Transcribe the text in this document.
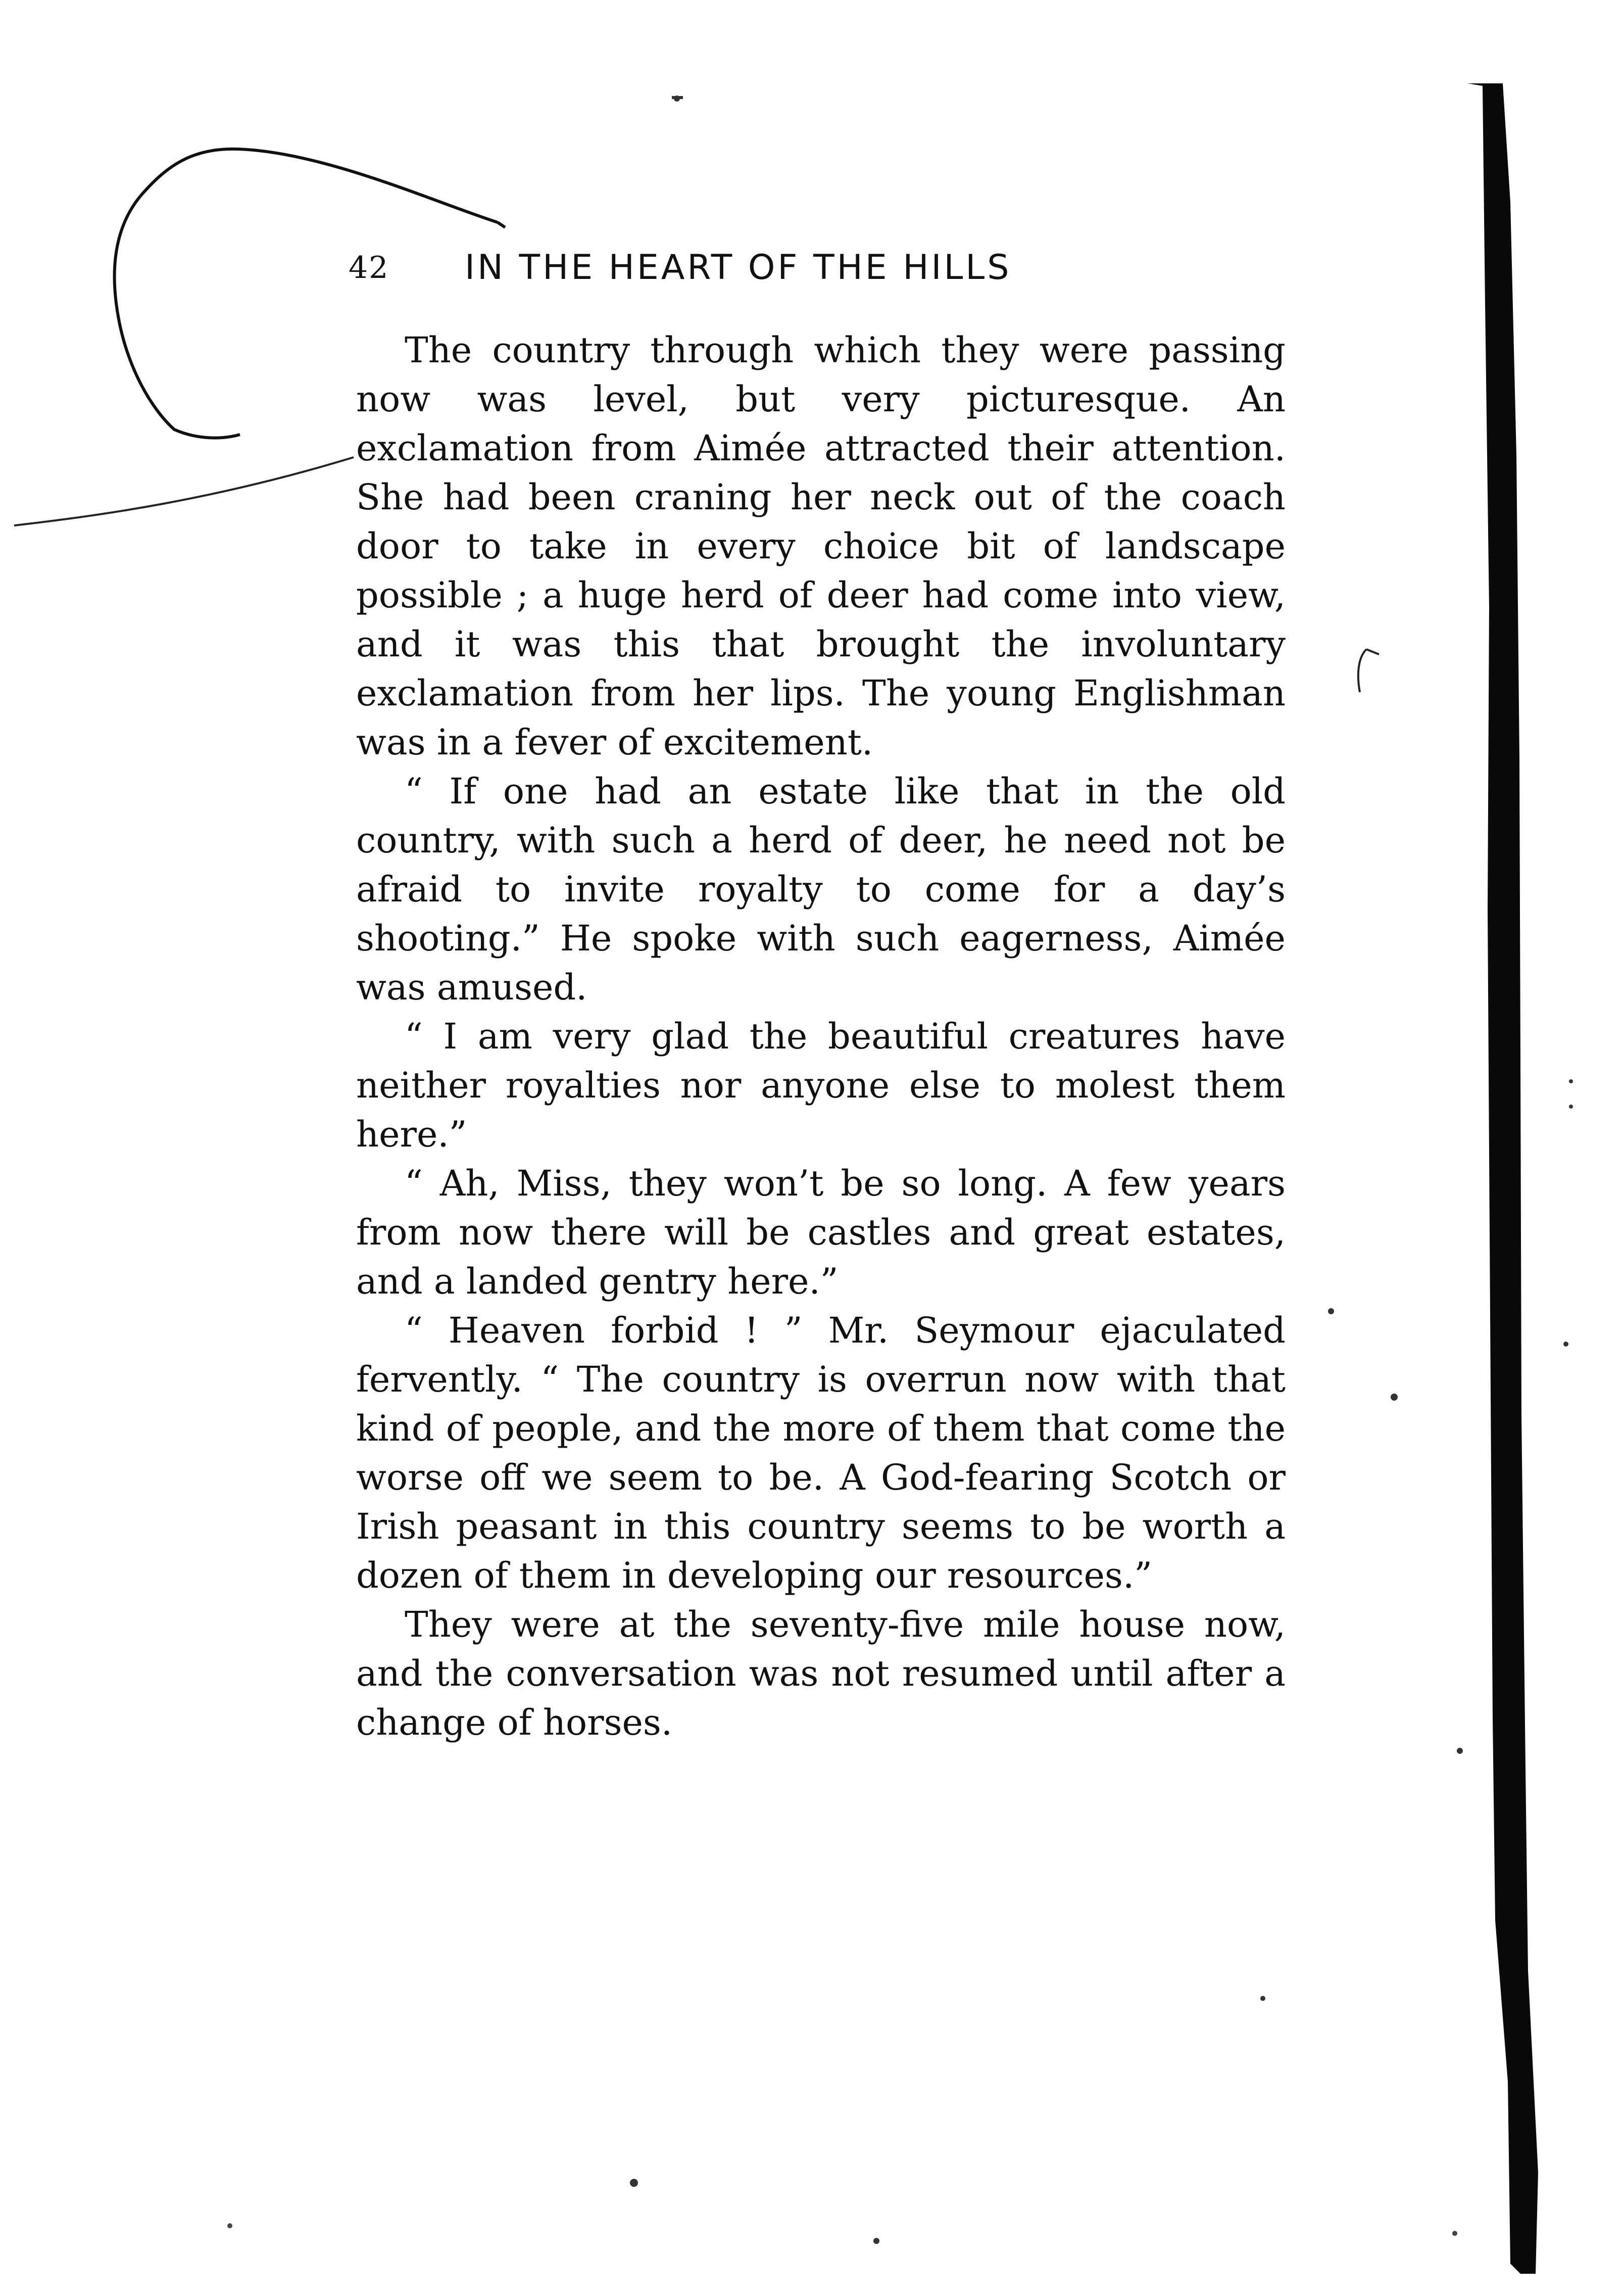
42 IN THE HEART OF THE HILLS

The country through which they were passing now was level, but very picturesque. An exclamation from Aimée attracted their attention. She had been craning her neck out of the coach door to take in every choice bit of landscape possible ; a huge herd of deer had come into view, and it was this that brought the involuntary exclamation from her lips. The young Englishman was in a fever of excitement.

“ If one had an estate like that in the old country, with such a herd of deer, he need not be afraid to invite royalty to come for a day’s shooting.” He spoke with such eagerness, Aimée was amused.

“ I am very glad the beautiful creatures have neither royalties nor anyone else to molest them here.”

“ Ah, Miss, they won’t be so long. A few years from now there will be castles and great estates, and a landed gentry here.”

“ Heaven forbid ! ” Mr. Seymour ejaculated fervently. “ The country is overrun now with that kind of people, and the more of them that come the worse off we seem to be. A God-fearing Scotch or Irish peasant in this country seems to be worth a dozen of them in developing our resources.”

They were at the seventy-five mile house now, and the conversation was not resumed until after a change of horses.
